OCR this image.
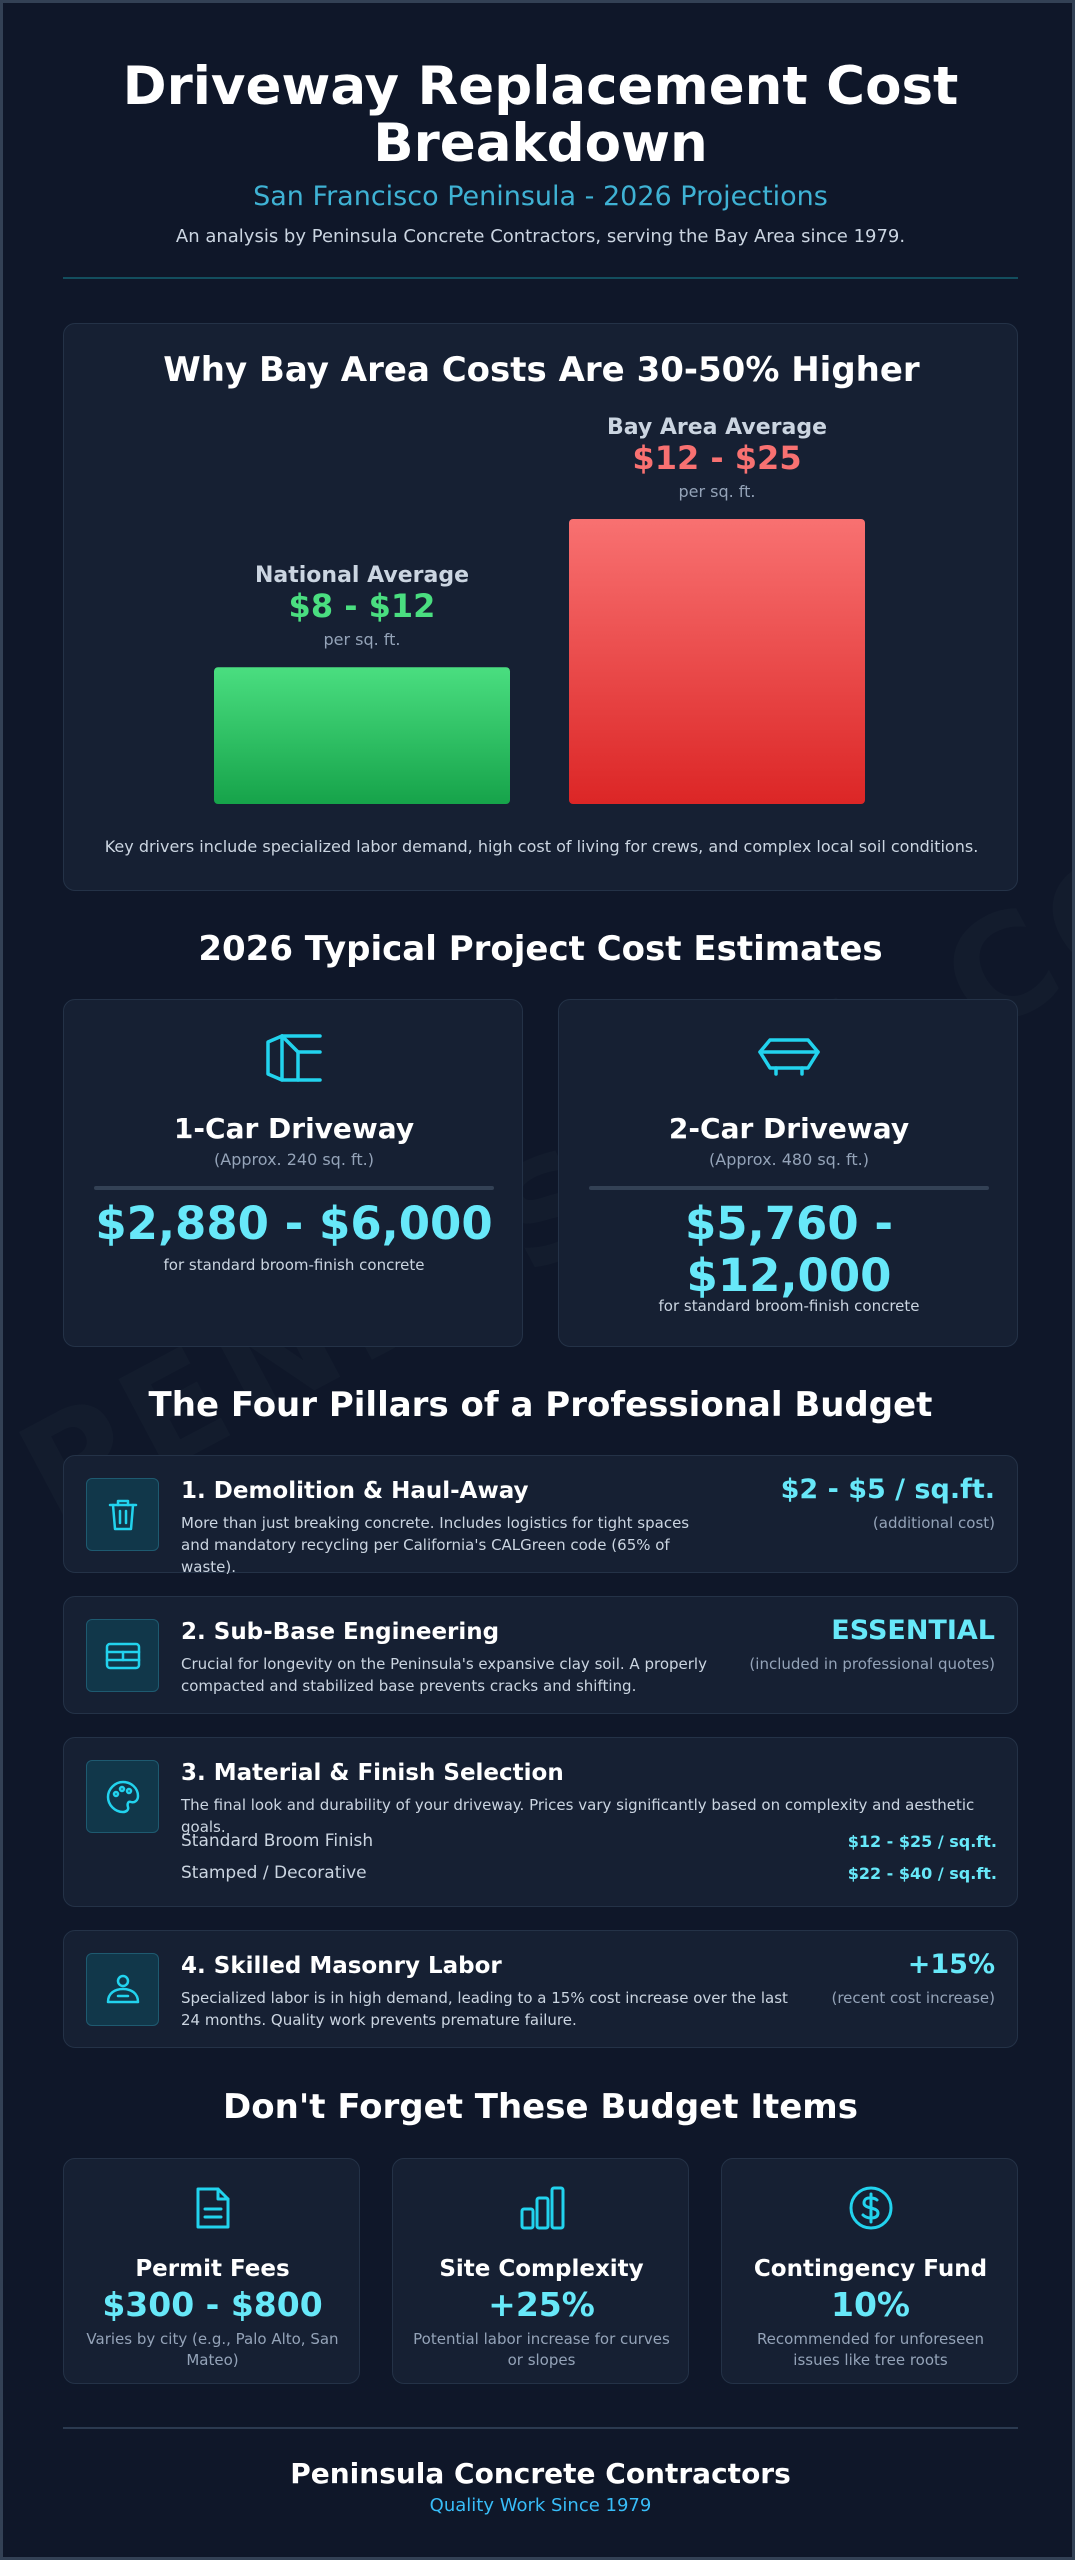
Driveway Replacement Cost
Breakdown
San Francisco Peninsula - 2026 Projections
An analysis by Peninsula Concrete Contractors, serving the Bay Area since 1979.
Why Bay Area Costs Are 30-50% Higher
National Average
$8 - $12
per sq. ft.
Bay Area Average
$12 - $25
per sq. ft.
Key drivers include specialized labor demand, high cost of living for crews, and complex local soil conditions.
2026 Typical Project Cost Estimates
1-Car Driveway
(Approx. 240 sq. ft.)
$2,880 - $6,000
for standard broom-finish concrete
2-Car Driveway
(Approx. 480 sq. ft.)
$5,760 - $12,000
for standard broom-finish concrete
The Four Pillars of a Professional Budget
1. Demolition & Haul-Away
More than just breaking concrete. Includes logistics for tight spaces and mandatory recycling per California's CALGreen code (65% of waste).
$2 - $5 / sq.ft.
(additional cost)
2. Sub-Base Engineering
Crucial for longevity on the Peninsula's expansive clay soil. A properly compacted and stabilized base prevents cracks and shifting.
ESSENTIAL
(included in professional quotes)
3. Material & Finish Selection
The final look and durability of your driveway. Prices vary significantly based on complexity and aesthetic goals.
Standard Broom Finish	$12 - $25 / sq.ft.
Stamped / Decorative	$22 - $40 / sq.ft.
4. Skilled Masonry Labor
Specialized labor is in high demand, leading to a 15% cost increase over the last 24 months. Quality work prevents premature failure.
+15%
(recent cost increase)
Don't Forget These Budget Items
Permit Fees
$300 - $800
Varies by city (e.g., Palo Alto, San Mateo)
Site Complexity
+25%
Potential labor increase for curves or slopes
Contingency Fund
10%
Recommended for unforeseen issues like tree roots
Peninsula Concrete Contractors
Quality Work Since 1979
